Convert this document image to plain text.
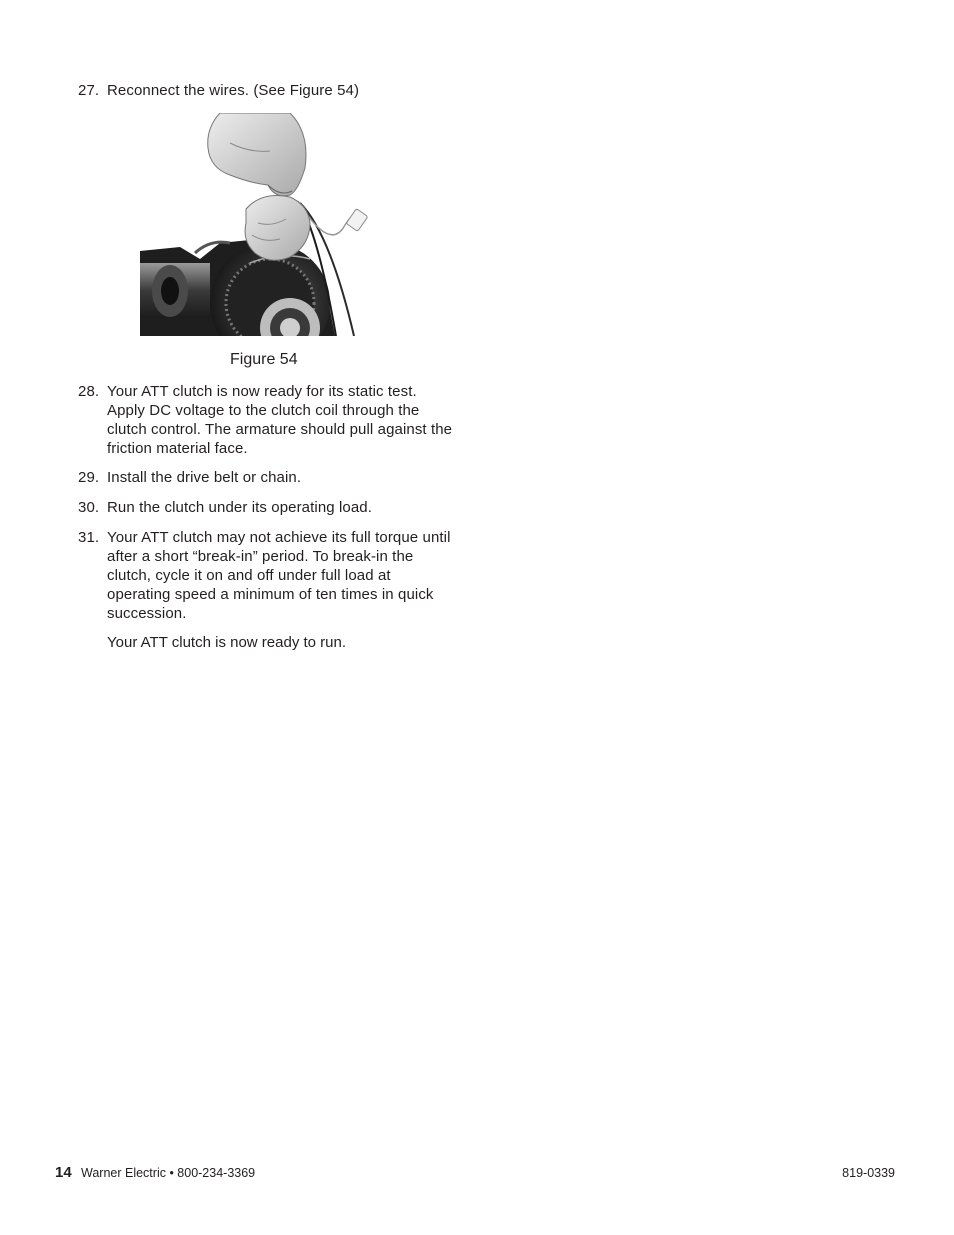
27. Reconnect the wires. (See Figure 54)
Figure 54
28. Your ATT clutch is now ready for its static test. Apply DC voltage to the clutch coil through the clutch control. The armature should pull against the friction material face.
29. Install the drive belt or chain.
30. Run the clutch under its operating load.
31. Your ATT clutch may not achieve its full torque until after a short “break-in” period. To break-in the clutch, cycle it on and off under full load at operating speed a minimum of ten times in quick succession.
Your ATT clutch is now ready to run.
14 Warner Electric • 800-234-3369	819-0339
